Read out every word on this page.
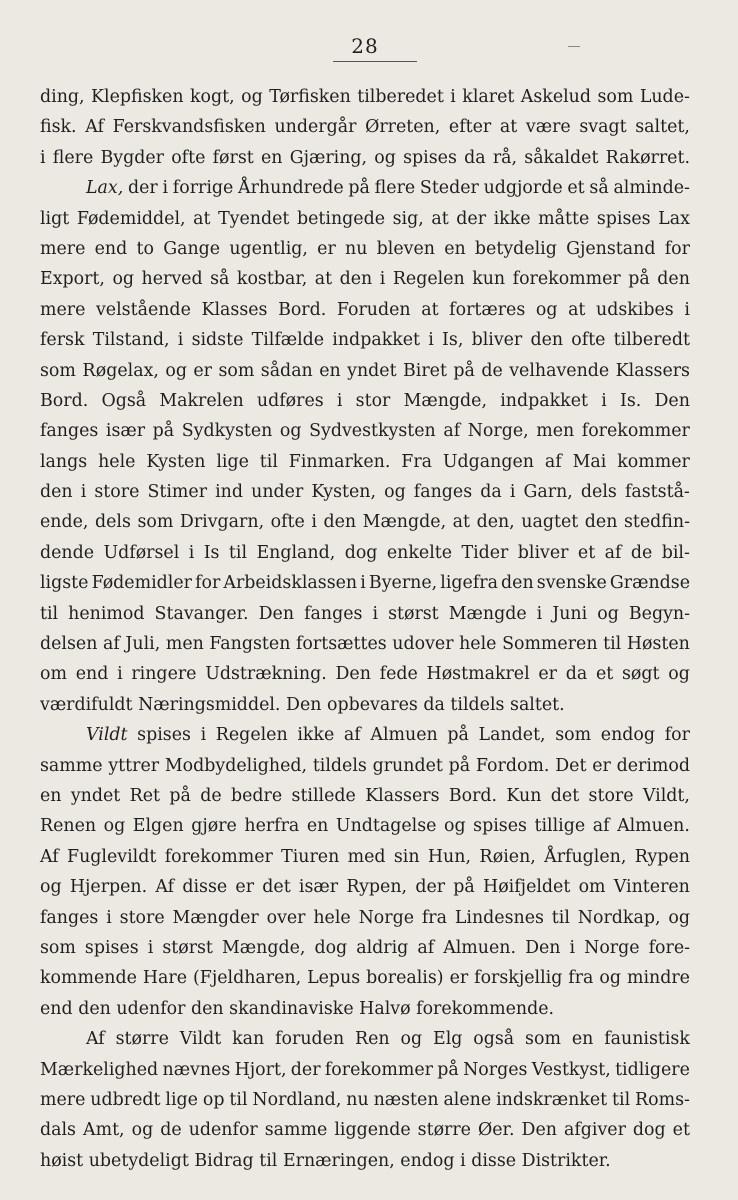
28
ding, Klepfisken kogt, og Tørfisken tilberedet i klaret Askelud som Lude-
fisk. Af Ferskvandsfisken undergår Ørreten, efter at være svagt saltet,
i flere Bygder ofte først en Gjæring, og spises da rå, såkaldet Rakørret.
Lax, der i forrige Århundrede på flere Steder udgjorde et så alminde-
ligt Fødemiddel, at Tyendet betingede sig, at der ikke måtte spises Lax
mere end to Gange ugentlig, er nu bleven en betydelig Gjenstand for
Export, og herved så kostbar, at den i Regelen kun forekommer på den
mere velstående Klasses Bord. Foruden at fortæres og at udskibes i
fersk Tilstand, i sidste Tilfælde indpakket i Is, bliver den ofte tilberedt
som Røgelax, og er som sådan en yndet Biret på de velhavende Klassers
Bord. Også Makrelen udføres i stor Mængde, indpakket i Is. Den
fanges især på Sydkysten og Sydvestkysten af Norge, men forekommer
langs hele Kysten lige til Finmarken. Fra Udgangen af Mai kommer
den i store Stimer ind under Kysten, og fanges da i Garn, dels faststå-
ende, dels som Drivgarn, ofte i den Mængde, at den, uagtet den stedfin-
dende Udførsel i Is til England, dog enkelte Tider bliver et af de bil-
ligste Fødemidler for Arbeidsklassen i Byerne, ligefra den svenske Grændse
til henimod Stavanger. Den fanges i størst Mængde i Juni og Begyn-
delsen af Juli, men Fangsten fortsættes udover hele Sommeren til Høsten
om end i ringere Udstrækning. Den fede Høstmakrel er da et søgt og
værdifuldt Næringsmiddel. Den opbevares da tildels saltet.
Vildt spises i Regelen ikke af Almuen på Landet, som endog for
samme yttrer Modbydelighed, tildels grundet på Fordom. Det er derimod
en yndet Ret på de bedre stillede Klassers Bord. Kun det store Vildt,
Renen og Elgen gjøre herfra en Undtagelse og spises tillige af Almuen.
Af Fuglevildt forekommer Tiuren med sin Hun, Røien, Årfuglen, Rypen
og Hjerpen. Af disse er det især Rypen, der på Høifjeldet om Vinteren
fanges i store Mængder over hele Norge fra Lindesnes til Nordkap, og
som spises i størst Mængde, dog aldrig af Almuen. Den i Norge fore-
kommende Hare (Fjeldharen, Lepus borealis) er forskjellig fra og mindre
end den udenfor den skandinaviske Halvø forekommende.
Af større Vildt kan foruden Ren og Elg også som en faunistisk
Mærkelighed nævnes Hjort, der forekommer på Norges Vestkyst, tidligere
mere udbredt lige op til Nordland, nu næsten alene indskrænket til Roms-
dals Amt, og de udenfor samme liggende større Øer. Den afgiver dog et
høist ubetydeligt Bidrag til Ernæringen, endog i disse Distrikter.
